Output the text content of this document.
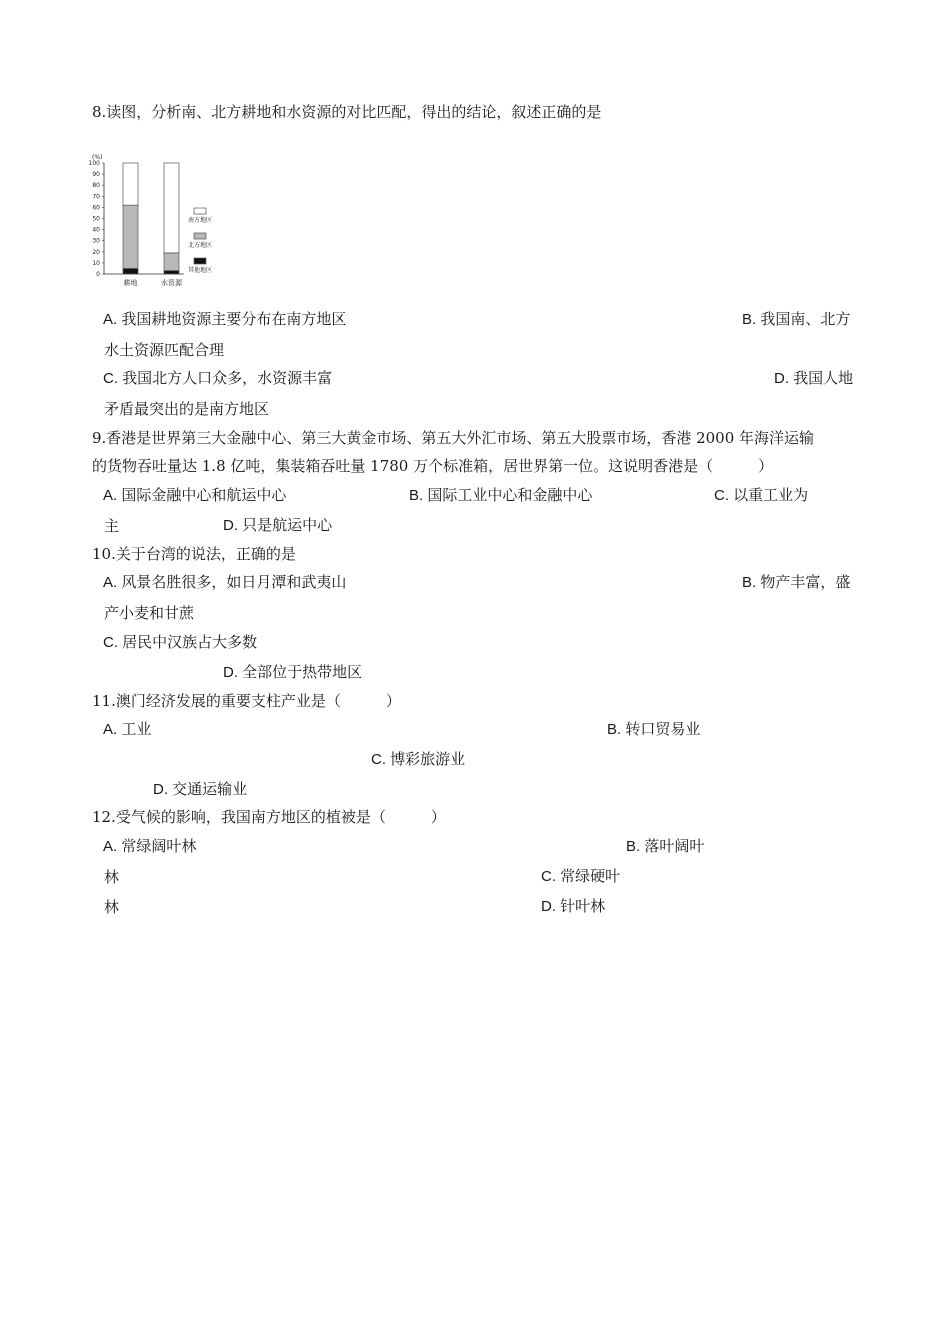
8.读图，分析南、北方耕地和水资源的对比匹配，得出的结论，叙述正确的是
(%)
0
10
20
30
40
50
60
70
80
90
100
耕地	水资源
南方地区
北方地区
其他地区
A. 我国耕地资源主要分布在南方地区	B. 我国南、北方
水土资源匹配合理
C. 我国北方人口众多，水资源丰富	D. 我国人地
矛盾最突出的是南方地区
9.香港是世界第三大金融中心、第三大黄金市场、第五大外汇市场、第五大股票市场，香港 2000 年海洋运输
的货物吞吐量达 1.8 亿吨，集装箱吞吐量 1780 万个标准箱，居世界第一位。这说明香港是（　　　）
A. 国际金融中心和航运中心	B. 国际工业中心和金融中心	C. 以重工业为
主	D. 只是航运中心
10.关于台湾的说法，正确的是
A. 风景名胜很多，如日月潭和武夷山	B. 物产丰富，盛
产小麦和甘蔗
C. 居民中汉族占大多数
D. 全部位于热带地区
11.澳门经济发展的重要支柱产业是（　　　）
A. 工业	B. 转口贸易业
C. 博彩旅游业
D. 交通运输业
12.受气候的影响，我国南方地区的植被是（　　　）
A. 常绿阔叶林	B. 落叶阔叶
林	C. 常绿硬叶
林	D. 针叶林
